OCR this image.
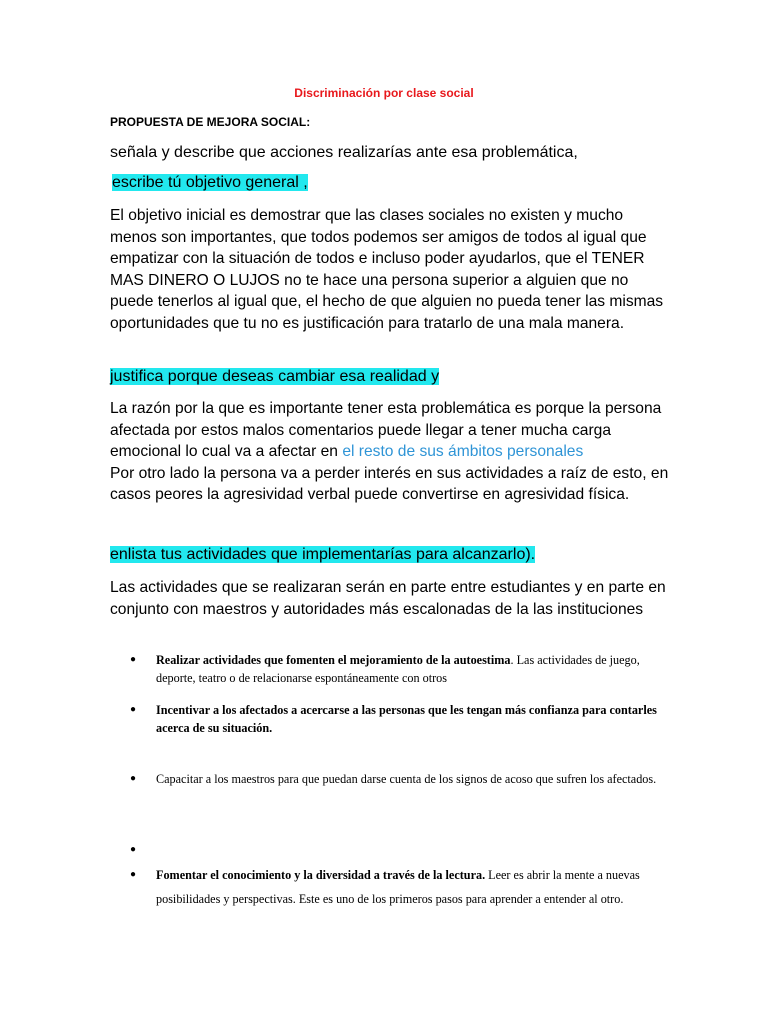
Discriminación por clase social
PROPUESTA DE MEJORA SOCIAL:
señala y describe que acciones realizarías ante esa problemática,
escribe tú objetivo general ,
El objetivo inicial es demostrar que las clases sociales no existen y mucho menos son importantes, que todos podemos ser amigos de todos al igual que empatizar con la situación de todos e incluso poder ayudarlos, que el TENER MAS DINERO O LUJOS no te hace una persona superior a alguien que no puede tenerlos al igual que, el hecho de que alguien no pueda tener las mismas oportunidades que tu no es justificación para tratarlo de una mala manera.
justifica porque deseas cambiar esa realidad y
La razón por la que es importante tener esta problemática es porque la persona afectada por estos malos comentarios puede llegar a tener mucha carga emocional lo cual va a afectar en el resto de sus ámbitos personales
Por otro lado la persona va a perder interés en sus actividades a raíz de esto, en casos peores la agresividad verbal puede convertirse en agresividad física.
enlista tus actividades que implementarías para alcanzarlo).
Las actividades que se realizaran serán en parte entre estudiantes y en parte en conjunto con maestros y autoridades más escalonadas de la las instituciones
● Realizar actividades que fomenten el mejoramiento de la autoestima. Las actividades de juego, deporte, teatro o de relacionarse espontáneamente con otros
● Incentivar a los afectados a acercarse a las personas que les tengan más confianza para contarles acerca de su situación.
● Capacitar a los maestros para que puedan darse cuenta de los signos de acoso que sufren los afectados.
●
● Fomentar el conocimiento y la diversidad a través de la lectura. Leer es abrir la mente a nuevas posibilidades y perspectivas. Este es uno de los primeros pasos para aprender a entender al otro.
